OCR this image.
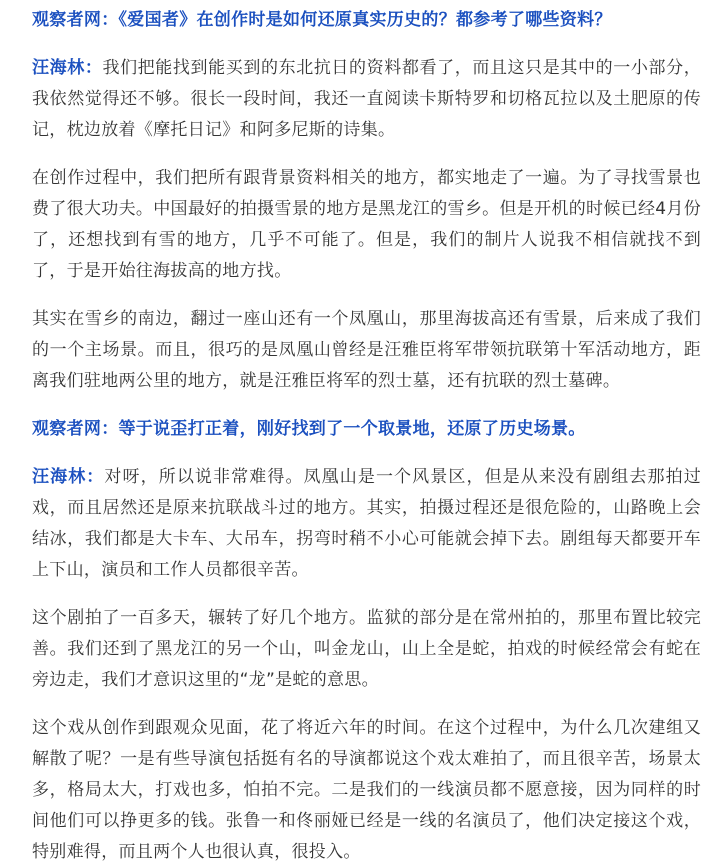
观察者网：《爱国者》在创作时是如何还原真实历史的？都参考了哪些资料？

汪海林：我们把能找到能买到的东北抗日的资料都看了，而且这只是其中的一小部分，我依然觉得还不够。很长一段时间，我还一直阅读卡斯特罗和切格瓦拉以及土肥原的传记，枕边放着《摩托日记》和阿多尼斯的诗集。

在创作过程中，我们把所有跟背景资料相关的地方，都实地走了一遍。为了寻找雪景也费了很大功夫。中国最好的拍摄雪景的地方是黑龙江的雪乡。但是开机的时候已经4月份了，还想找到有雪的地方，几乎不可能了。但是，我们的制片人说我不相信就找不到了，于是开始往海拔高的地方找。

其实在雪乡的南边，翻过一座山还有一个凤凰山，那里海拔高还有雪景，后来成了我们的一个主场景。而且，很巧的是凤凰山曾经是汪雅臣将军带领抗联第十军活动地方，距离我们驻地两公里的地方，就是汪雅臣将军的烈士墓，还有抗联的烈士墓碑。

观察者网：等于说歪打正着，刚好找到了一个取景地，还原了历史场景。

汪海林：对呀，所以说非常难得。凤凰山是一个风景区，但是从来没有剧组去那拍过戏，而且居然还是原来抗联战斗过的地方。其实，拍摄过程还是很危险的，山路晚上会结冰，我们都是大卡车、大吊车，拐弯时稍不小心可能就会掉下去。剧组每天都要开车上下山，演员和工作人员都很辛苦。

这个剧拍了一百多天，辗转了好几个地方。监狱的部分是在常州拍的，那里布置比较完善。我们还到了黑龙江的另一个山，叫金龙山，山上全是蛇，拍戏的时候经常会有蛇在旁边走，我们才意识这里的“龙”是蛇的意思。

这个戏从创作到跟观众见面，花了将近六年的时间。在这个过程中，为什么几次建组又解散了呢？一是有些导演包括挺有名的导演都说这个戏太难拍了，而且很辛苦，场景太多，格局太大，打戏也多，怕拍不完。二是我们的一线演员都不愿意接，因为同样的时间他们可以挣更多的钱。张鲁一和佟丽娅已经是一线的名演员了，他们决定接这个戏，特别难得，而且两个人也很认真，很投入。
